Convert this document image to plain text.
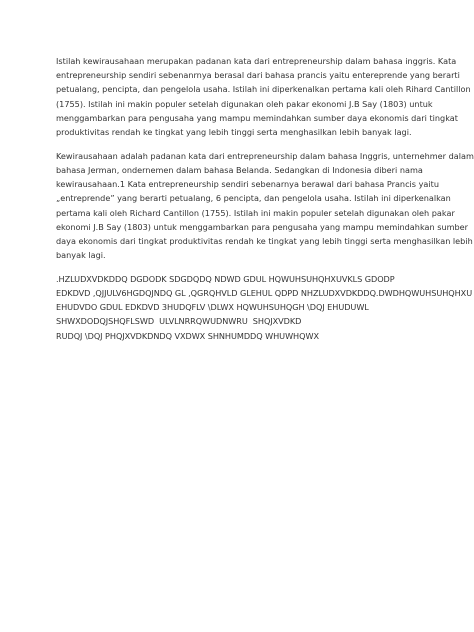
Istilah kewirausahaan merupakan padanan kata dari entrepreneurship dalam bahasa inggris. Kata
entrepreneurship sendiri sebenanrnya berasal dari bahasa prancis yaitu entereprende yang berarti
petualang, pencipta, dan pengelola usaha. Istilah ini diperkenalkan pertama kali oleh Rihard Cantillon
(1755). Istilah ini makin populer setelah digunakan oleh pakar ekonomi J.B Say (1803) untuk
menggambarkan para pengusaha yang mampu memindahkan sumber daya ekonomis dari tingkat
produktivitas rendah ke tingkat yang lebih tinggi serta menghasilkan lebih banyak lagi.

Kewirausahaan adalah padanan kata dari entrepreneurship dalam bahasa Inggris, unternehmer dalam
bahasa Jerman, ondernemen dalam bahasa Belanda. Sedangkan di Indonesia diberi nama
kewirausahaan.1 Kata entrepreneurship sendiri sebenarnya berawal dari bahasa Prancis yaitu
„entreprende” yang berarti petualang, 6 pencipta, dan pengelola usaha. Istilah ini diperkenalkan
pertama kali oleh Richard Cantillon (1755). Istilah ini makin populer setelah digunakan oleh pakar
ekonomi J.B Say (1803) untuk menggambarkan para pengusaha yang mampu memindahkan sumber
daya ekonomis dari tingkat produktivitas rendah ke tingkat yang lebih tinggi serta menghasilkan lebih
banyak lagi.

.HZLUDXVDKDDQ DGDODK SDGDQDQ NDWD GDUL HQWUHSUHQHXUVKLS GDODP
EDKDVD ,QJJULV6HGDQJNDQ GL ,QGRQHVLD GLEHUL QDPD NHZLUDXVDKDDQ.DWDHQWUHSUHQHXU
EHUDVDO GDUL EDKDVD 3HUDQFLV \DLWX HQWUHSUHQGH \DQJ EHUDUWL
SHWXDODQJSHQFLSWD  ULVLNRRQWUDNWRU  SHQJXVDKD
RUDQJ \DQJ PHQJXVDKDNDQ VXDWX SHNHUMDDQ WHUWHQWX
